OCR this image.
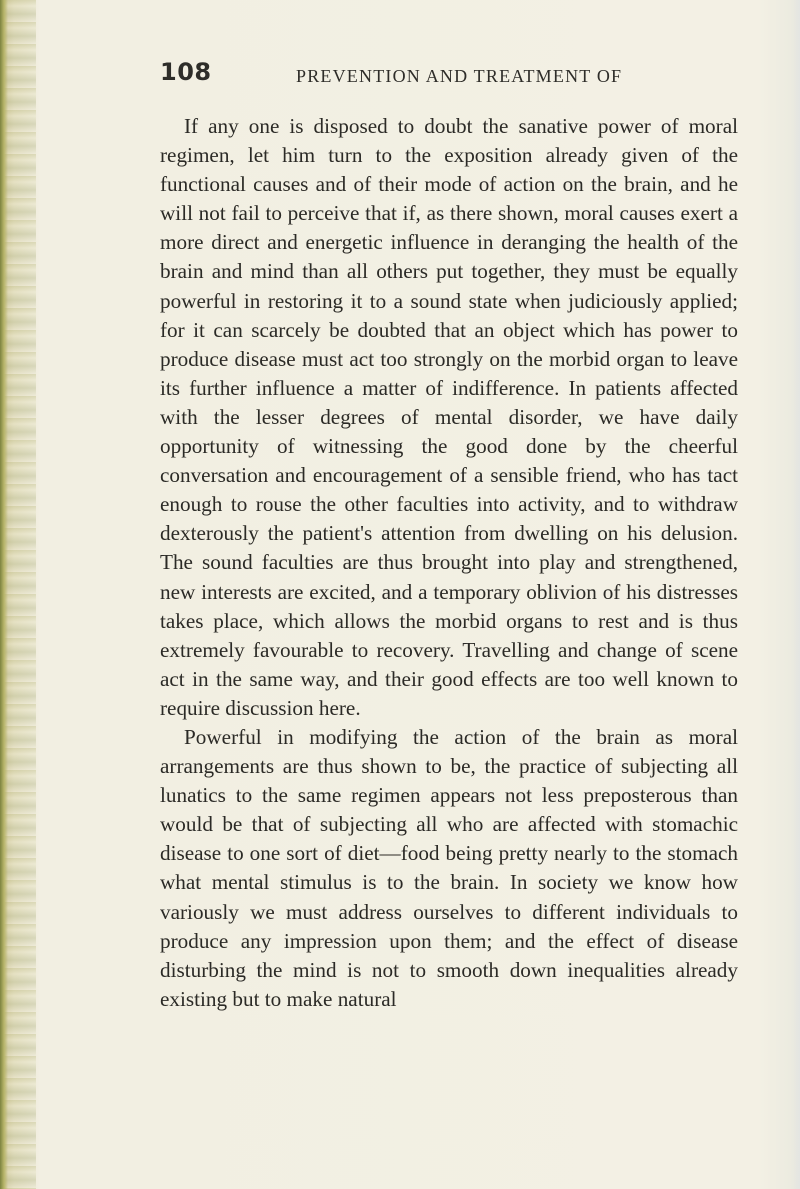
108	PREVENTION AND TREATMENT OF

If any one is disposed to doubt the sanative power of moral regimen, let him turn to the exposition already given of the functional causes and of their mode of action on the brain, and he will not fail to perceive that if, as there shown, moral causes exert a more direct and energetic influence in deranging the health of the brain and mind than all others put together, they must be equally powerful in restoring it to a sound state when judiciously applied; for it can scarcely be doubted that an object which has power to produce disease must act too strongly on the morbid organ to leave its further influence a matter of indifference. In patients affected with the lesser degrees of mental disorder, we have daily opportunity of witnessing the good done by the cheerful conversation and encouragement of a sensible friend, who has tact enough to rouse the other faculties into activity, and to withdraw dexterously the patient's attention from dwelling on his delusion. The sound faculties are thus brought into play and strengthened, new interests are excited, and a temporary oblivion of his distresses takes place, which allows the morbid organs to rest and is thus extremely favourable to recovery. Travelling and change of scene act in the same way, and their good effects are too well known to require discussion here.

Powerful in modifying the action of the brain as moral arrangements are thus shown to be, the practice of subjecting all lunatics to the same regimen appears not less preposterous than would be that of subjecting all who are affected with stomachic disease to one sort of diet—food being pretty nearly to the stomach what mental stimulus is to the brain. In society we know how variously we must address ourselves to different individuals to produce any impression upon them; and the effect of disease disturbing the mind is not to smooth down inequalities already existing but to make natural
